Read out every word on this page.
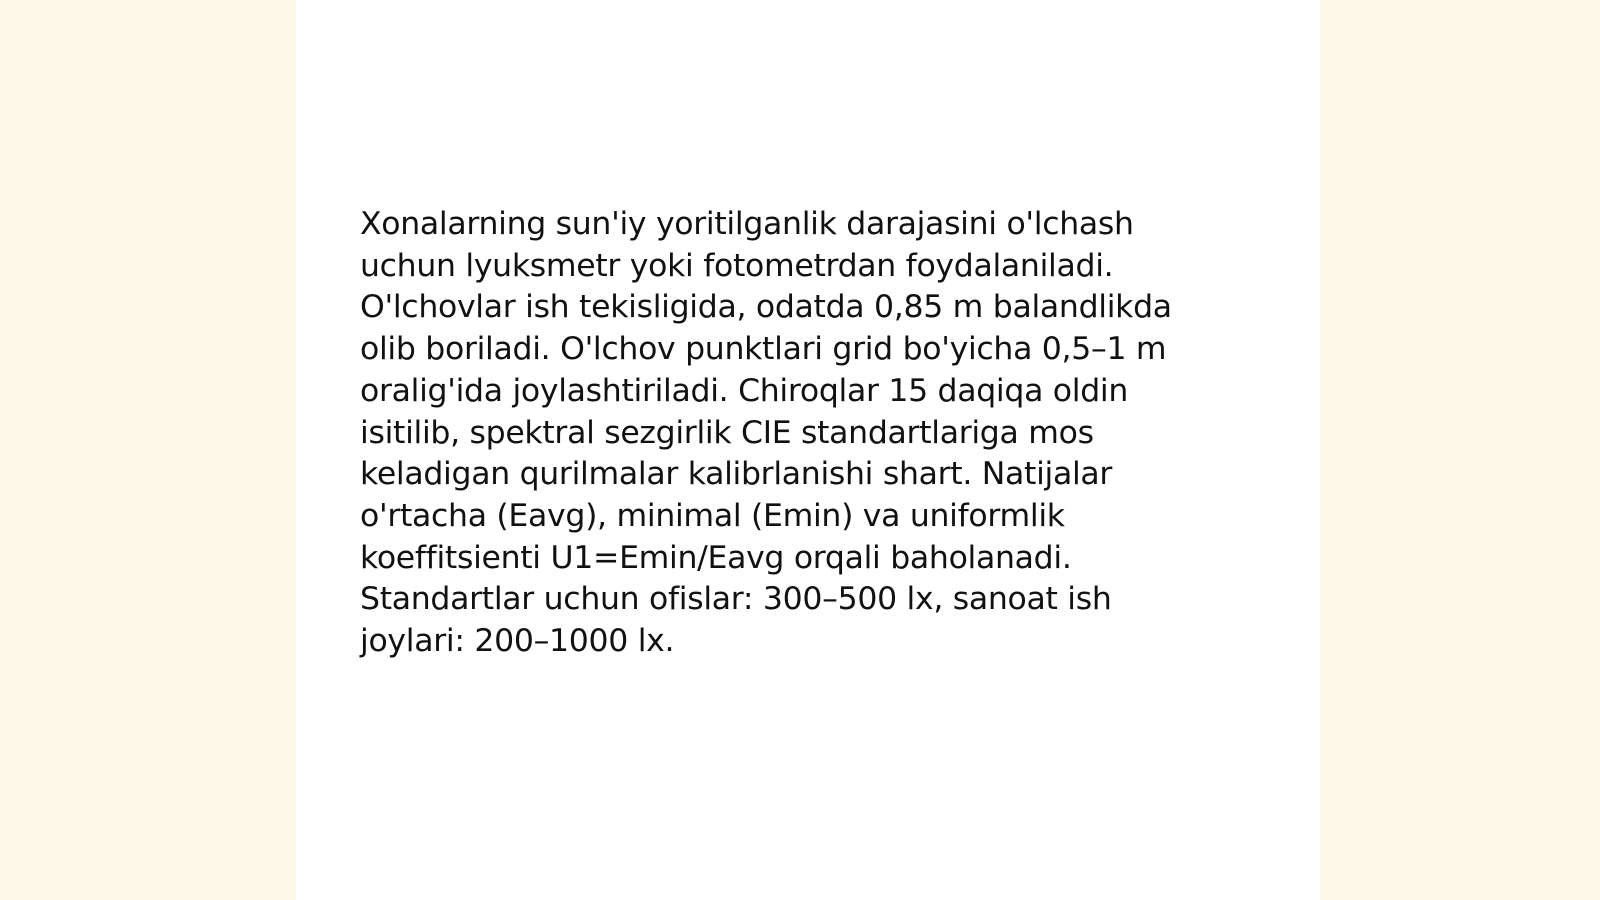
Xonalarning sun'iy yoritilganlik darajasini o'lchash
uchun lyuksmetr yoki fotometrdan foydalaniladi.
O'lchovlar ish tekisligida, odatda 0,85 m balandlikda
olib boriladi. O'lchov punktlari grid bo'yicha 0,5–1 m
oralig'ida joylashtiriladi. Chiroqlar 15 daqiqa oldin
isitilib, spektral sezgirlik CIE standartlariga mos
keladigan qurilmalar kalibrlanishi shart. Natijalar
o'rtacha (Eavg), minimal (Emin) va uniformlik
koeffitsienti U1=Emin/Eavg orqali baholanadi.
Standartlar uchun ofislar: 300–500 lx, sanoat ish
joylari: 200–1000 lx.
